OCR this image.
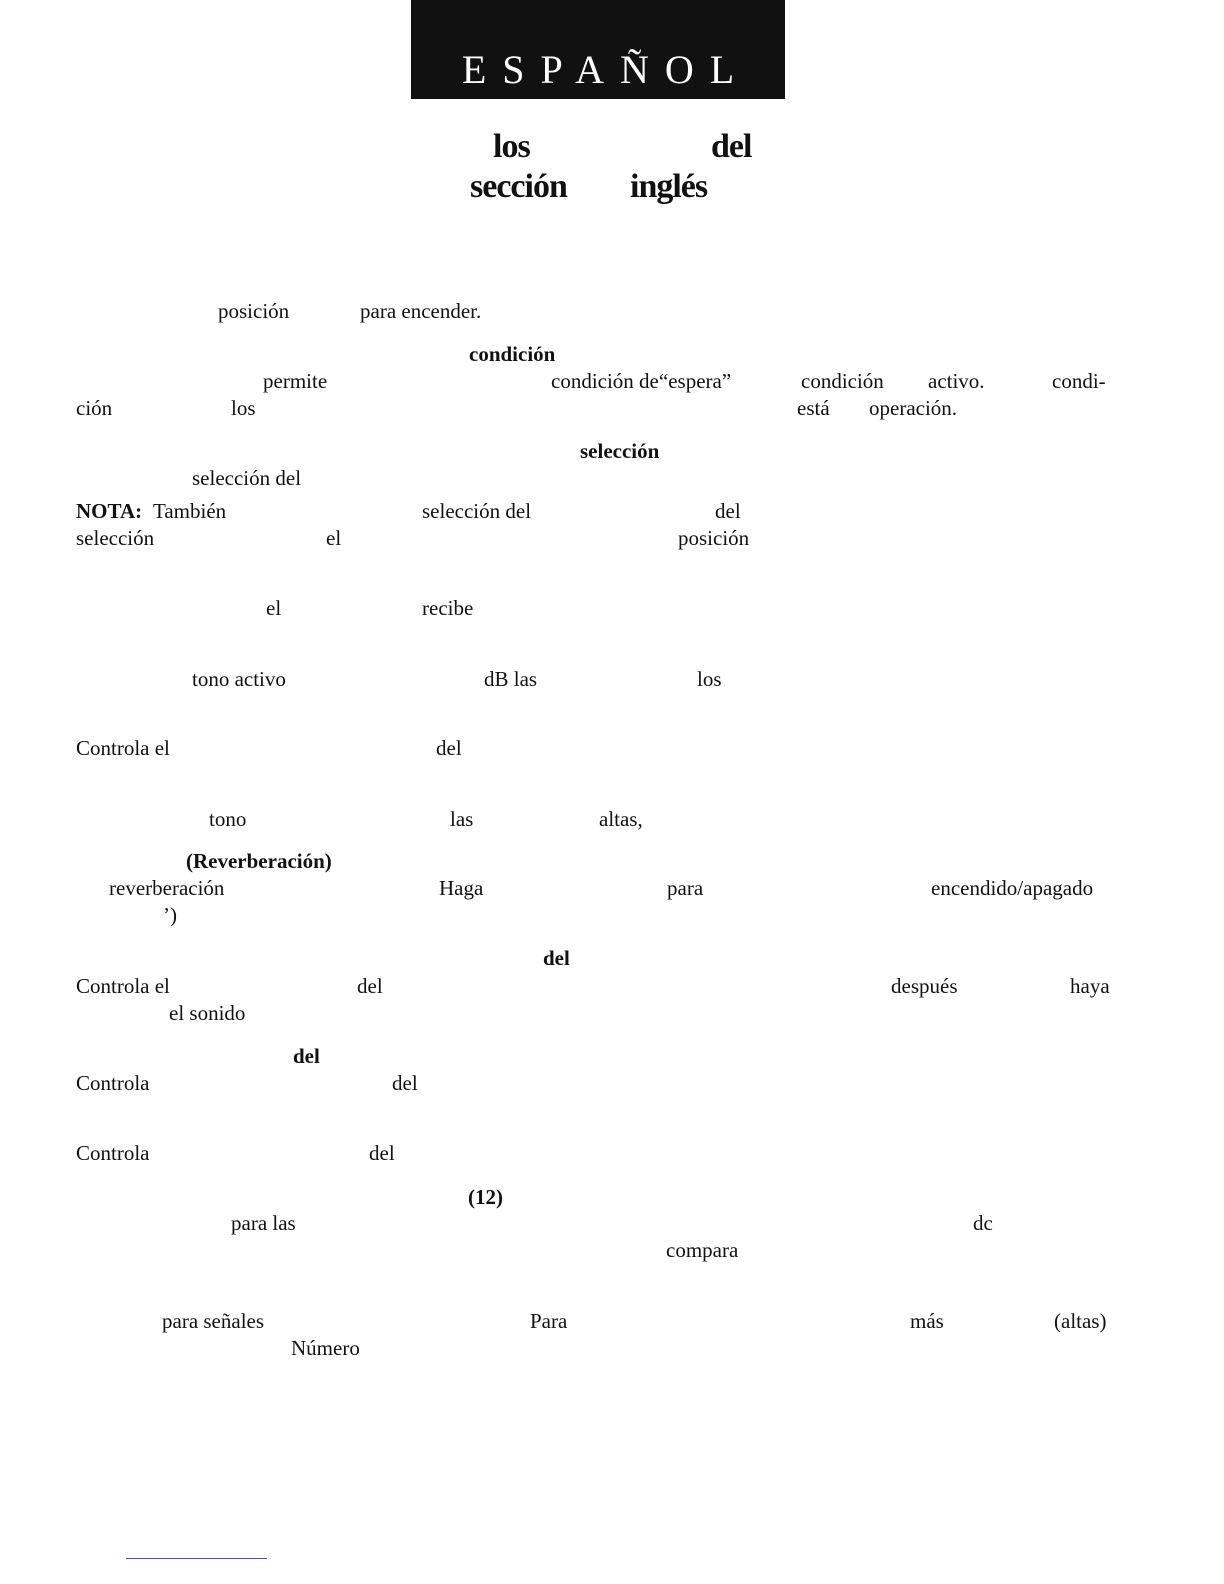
ESPAÑOL
los	del
sección inglés
posición	para encender.
condición
permite	condición de“espera”	condición activo.	condi-
ción	los	está operación.
selección
selección del
NOTA: También	selección del	del
selección	el	posición
el	recibe
tono activo	dB las	los
Controla el	del
tono	las	altas,
(Reverberación)
reverberación	Haga	para	encendido/apagado
’)
del
Controla el	del	después	haya
el sonido
del
Controla	del
Controla	del
(12)
para las	dc
compara
para señales	Para	más	(altas)
Número
